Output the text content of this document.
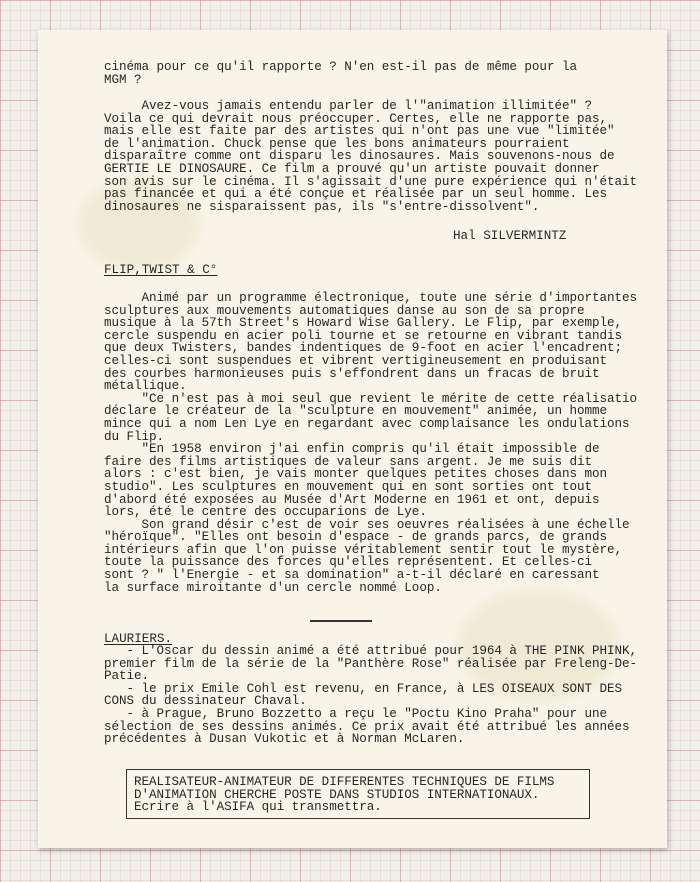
cinéma pour ce qu'il rapporte ? N'en est-il pas de même pour la
MGM ?

Avez-vous jamais entendu parler de l'"animation illimitée" ?
Voila ce qui devrait nous préoccuper. Certes, elle ne rapporte pas,
mais elle est faite par des artistes qui n'ont pas une vue "limitée"
de l'animation. Chuck pense que les bons animateurs pourraient
disparaître comme ont disparu les dinosaures. Mais souvenons-nous de
GERTIE LE DINOSAURE. Ce film a prouvé qu'un artiste pouvait donner
son avis sur le cinéma. Il s'agissait d'une pure expérience qui n'était
pas financée et qui a été conçue et réalisée par un seul homme. Les
dinosaures ne sisparaissent pas, ils "s'entre-dissolvent".

Hal SILVERMINTZ

FLIP,TWIST & C°

Animé par un programme électronique, toute une série d'importantes
sculptures aux mouvements automatiques danse au son de sa propre
musique à la 57th Street's Howard Wise Gallery. Le Flip, par exemple,
cercle suspendu en acier poli tourne et se retourne en vibrant tandis
que deux Twisters, bandes indentiques de 9-foot en acier l'encadrent;
celles-ci sont suspendues et vibrent vertigineusement en produisant
des courbes harmonieuses puis s'effondrent dans un fracas de bruit
métallique.
"Ce n'est pas à moi seul que revient le mérite de cette réalisatio
déclare le créateur de la "sculpture en mouvement" animée, un homme
mince qui a nom Len Lye en regardant avec complaisance les ondulations
du Flip.
"En 1958 environ j'ai enfin compris qu'il était impossible de
faire des films artistiques de valeur sans argent. Je me suis dit
alors : c'est bien, je vais monter quelques petites choses dans mon
studio". Les sculptures en mouvement qui en sont sorties ont tout
d'abord été exposées au Musée d'Art Moderne en 1961 et ont, depuis
lors, été le centre des occuparions de Lye.
Son grand désir c'est de voir ses oeuvres réalisées à une échelle
"héroïque". "Elles ont besoin d'espace - de grands parcs, de grands
intérieurs afin que l'on puisse véritablement sentir tout le mystère,
toute la puissance des forces qu'elles représentent. Et celles-ci
sont ? " l'Energie - et sa domination" a-t-il déclaré en caressant
la surface miroitante d'un cercle nommé Loop.

LAURIERS.

- L'Oscar du dessin animé a été attribué pour 1964 à THE PINK PHINK,
premier film de la série de la "Panthère Rose" réalisée par Freleng-De-
Patie.
- le prix Emile Cohl est revenu, en France, à LES OISEAUX SONT DES
CONS du dessinateur Chaval.
- à Prague, Bruno Bozzetto a reçu le "Poctu Kino Praha" pour une
sélection de ses dessins animés. Ce prix avait été attribué les années
précédentes à Dusan Vukotic et à Norman McLaren.

REALISATEUR-ANIMATEUR DE DIFFERENTES TECHNIQUES DE FILMS
D'ANIMATION CHERCHE POSTE DANS STUDIOS INTERNATIONAUX.
Ecrire à l'ASIFA qui transmettra.
